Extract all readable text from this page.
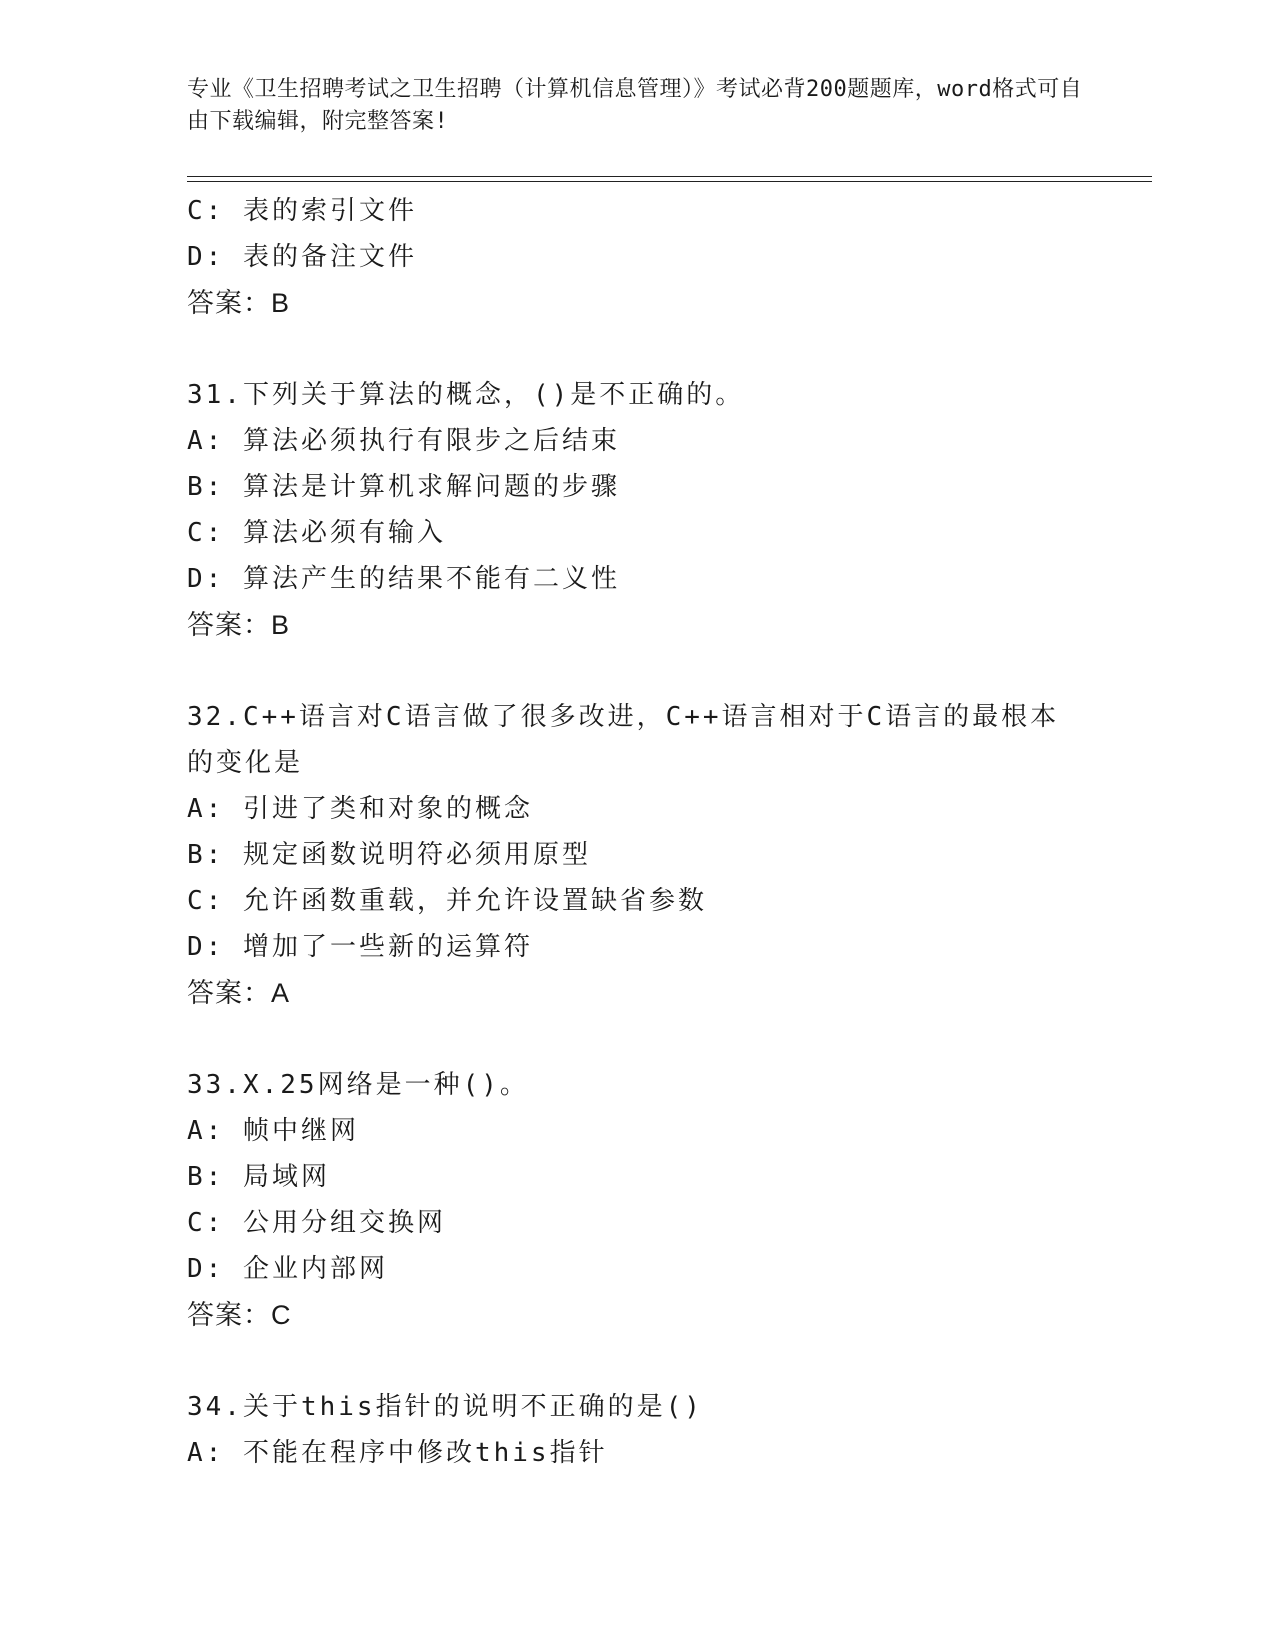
专业《卫生招聘考试之卫生招聘（计算机信息管理）》考试必背200题题库，word格式可自由下载编辑，附完整答案!
C: 表的索引文件
D: 表的备注文件
答案：B
31.下列关于算法的概念，()是不正确的。
A: 算法必须执行有限步之后结束
B: 算法是计算机求解问题的步骤
C: 算法必须有输入
D: 算法产生的结果不能有二义性
答案：B
32.C++语言对C语言做了很多改进，C++语言相对于C语言的最根本的变化是
A: 引进了类和对象的概念
B: 规定函数说明符必须用原型
C: 允许函数重载，并允许设置缺省参数
D: 增加了一些新的运算符
答案：A
33.X.25网络是一种()。
A: 帧中继网
B: 局域网
C: 公用分组交换网
D: 企业内部网
答案：C
34.关于this指针的说明不正确的是()
A: 不能在程序中修改this指针
